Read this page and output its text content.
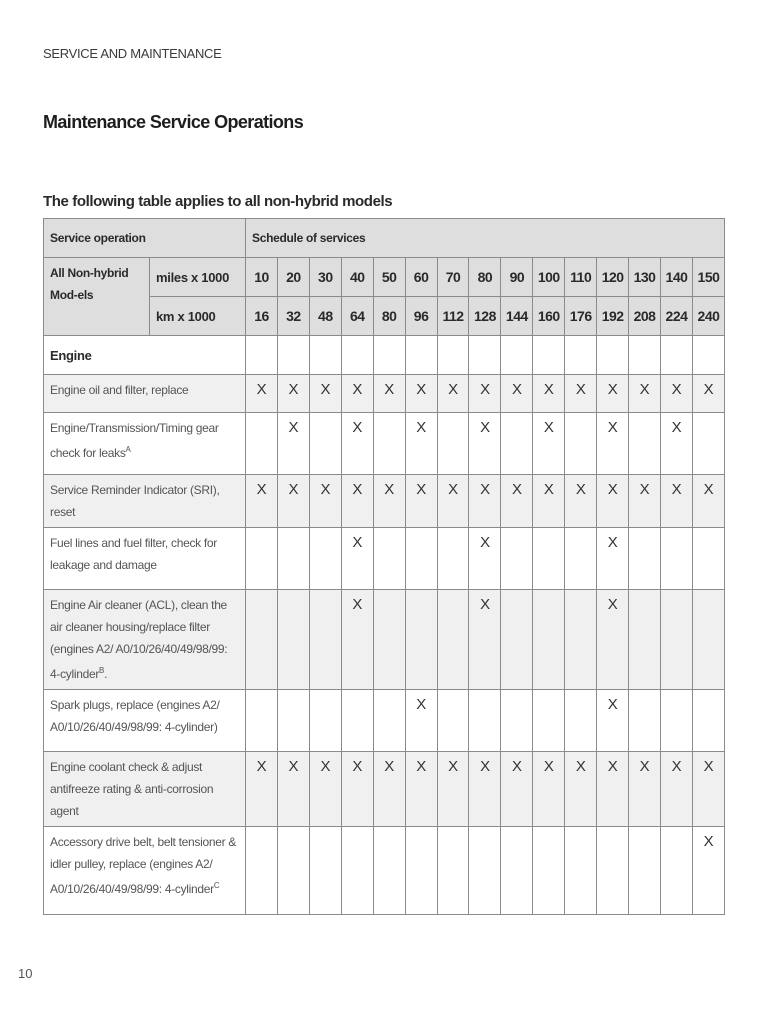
SERVICE AND MAINTENANCE
Maintenance Service Operations
The following table applies to all non-hybrid models
Service operation		Schedule of services														
All Non-hybrid Mod-els	miles x 1000	10	20	30	40	50	60	70	80	90	100	110	120	130	140	150
	km x 1000	16	32	48	64	80	96	112	128	144	160	176	192	208	224	240
Engine																
Engine oil and filter, replace		X	X	X	X	X	X	X	X	X	X	X	X	X	X	X
Engine/Transmission/Timing gear check for leaks$^A$			X		X		X		X		X		X		X	
Service Reminder Indicator (SRI), reset		X	X	X	X	X	X	X	X	X	X	X	X	X	X	X
Fuel lines and fuel filter, check for leakage and damage					X				X				X			
Engine Air cleaner (ACL), clean the air cleaner housing/replace filter (engines A2/ A0/10/26/40/49/98/99: 4-cylinder$^B$.					X				X				X			
Spark plugs, replace (engines A2/ A0/10/26/40/49/98/99: 4-cylinder)							X						X			
Engine coolant check & adjust antifreeze rating & anti-corrosion agent		X	X	X	X	X	X	X	X	X	X	X	X	X	X	X
Accessory drive belt, belt tensioner & idler pulley, replace (engines A2/ A0/10/26/40/49/98/99: 4-cylinder$^C$																X
10
